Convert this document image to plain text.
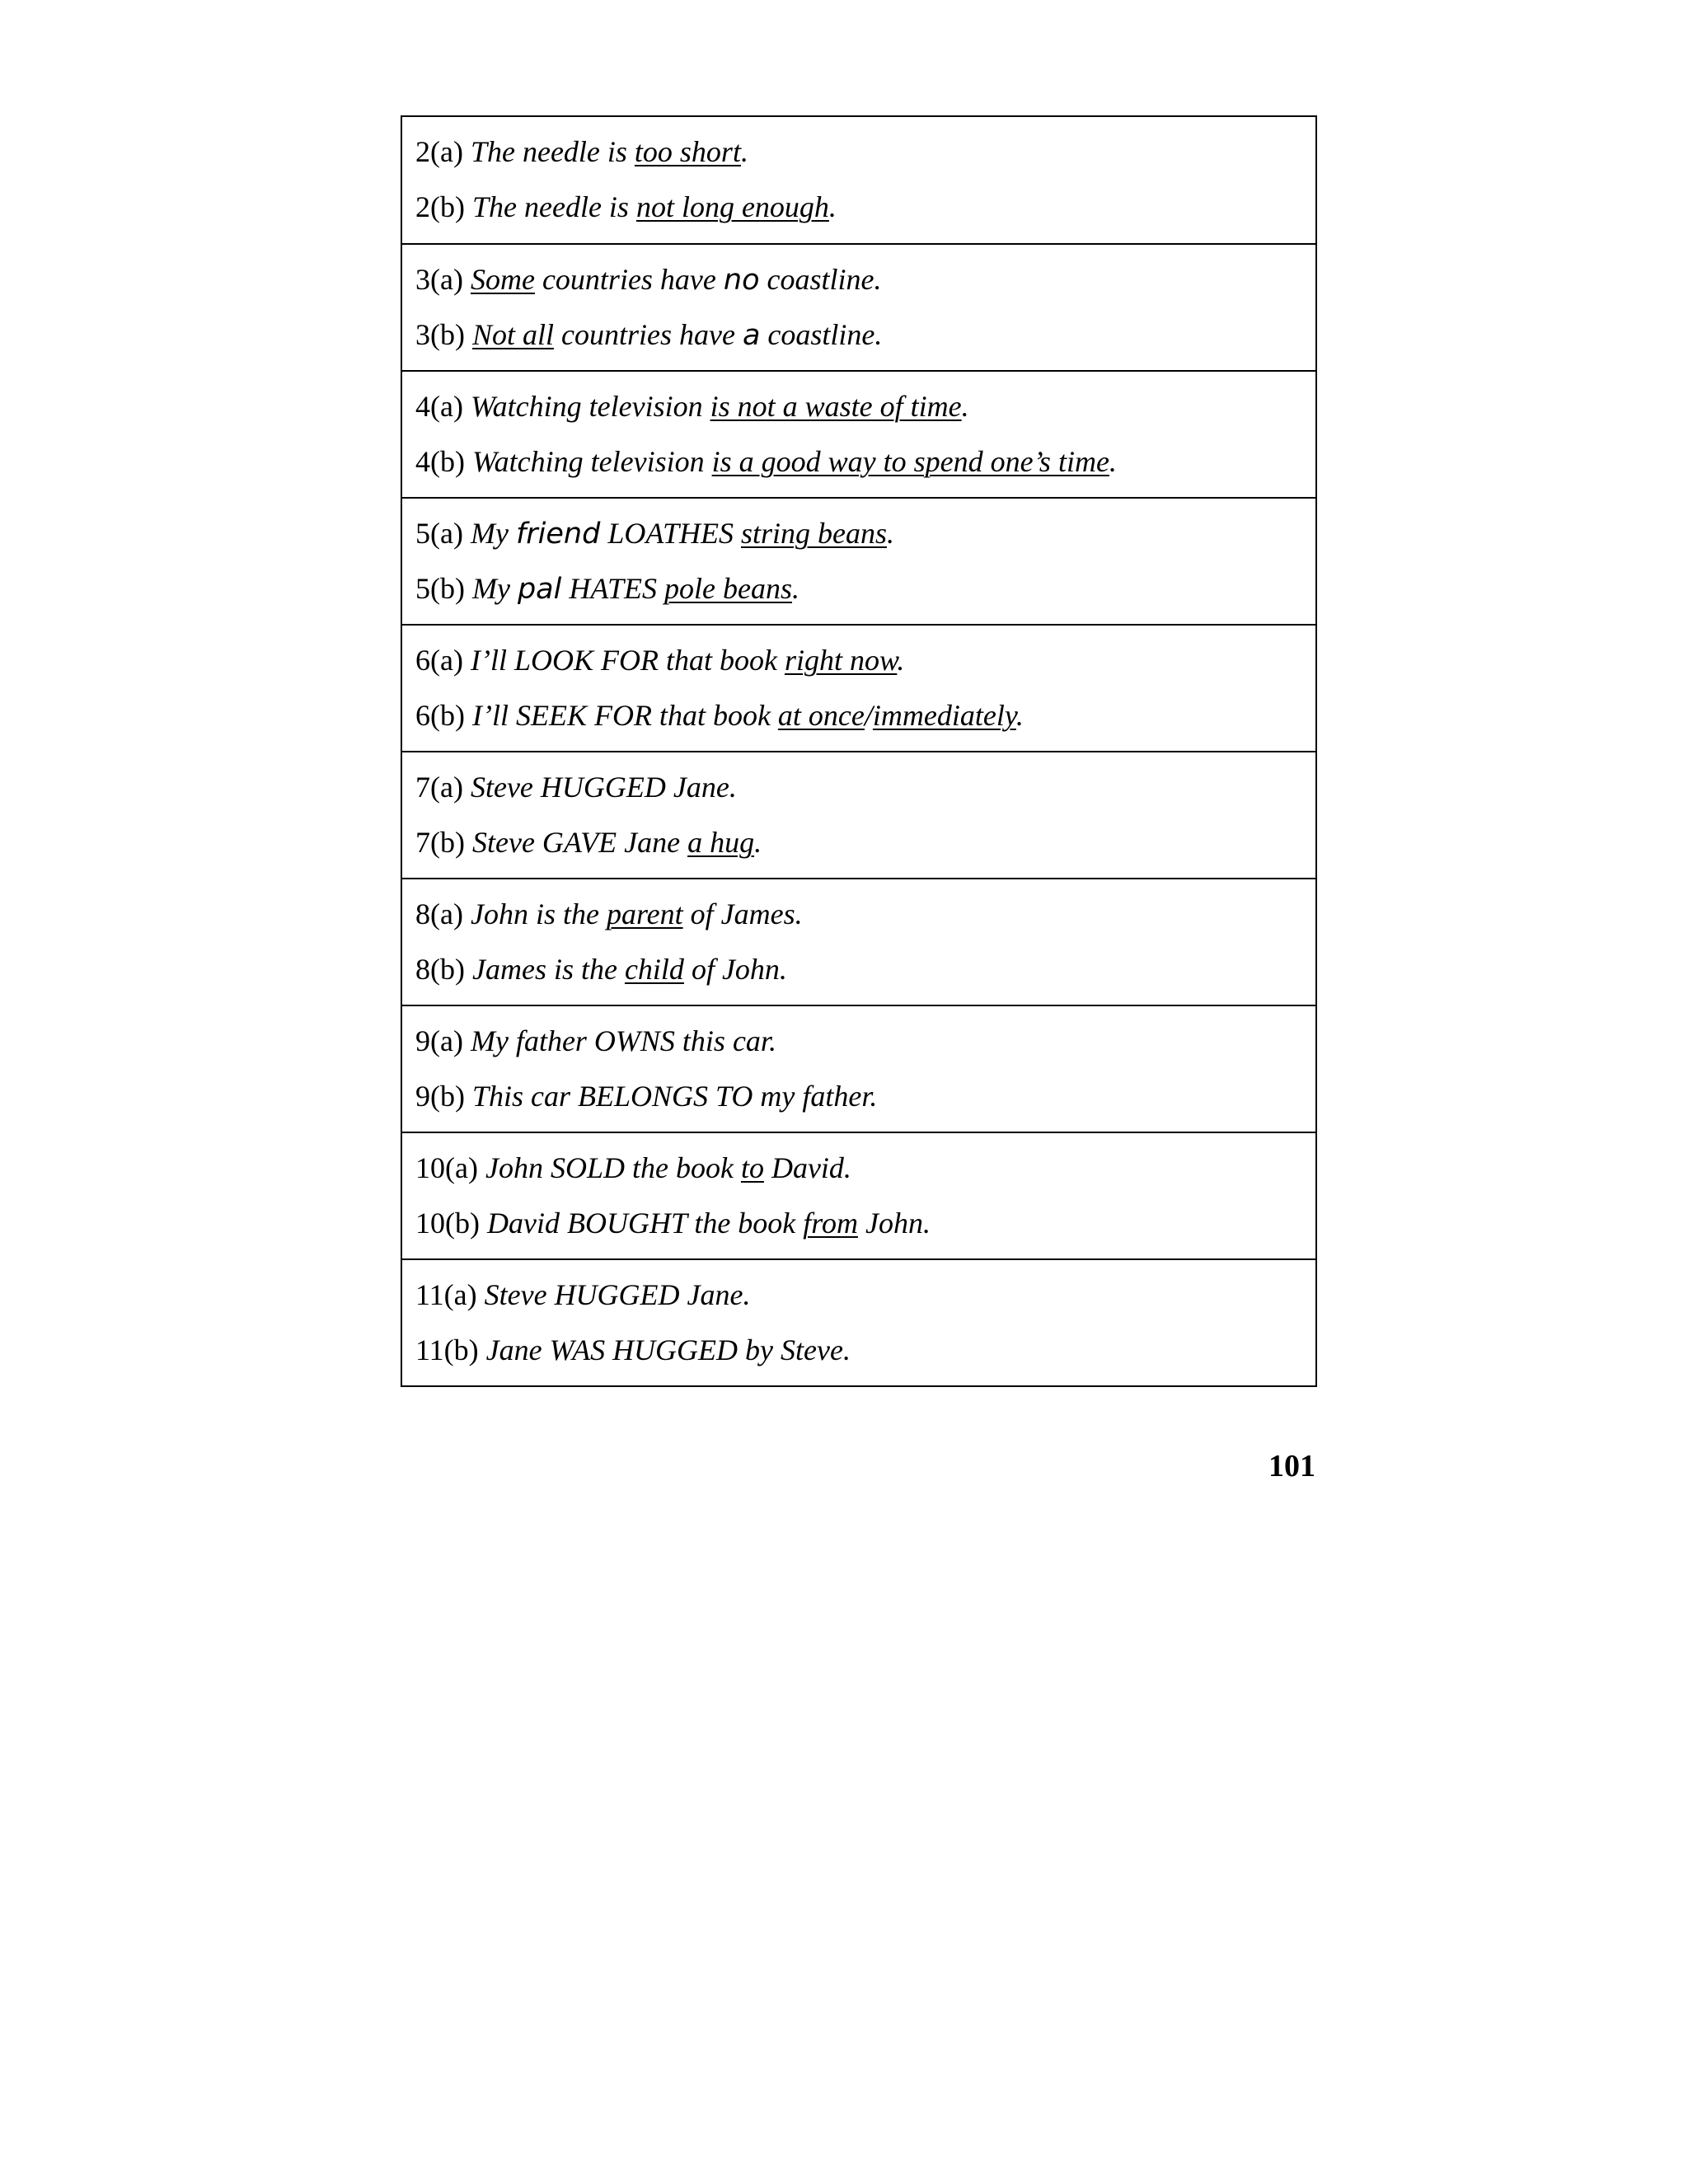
2(a) The needle is too short.
2(b) The needle is not long enough.
3(a) Some countries have no coastline.
3(b) Not all countries have a coastline.
4(a) Watching television is not a waste of time.
4(b) Watching television is a good way to spend one’s time.
5(a) My friend LOATHES string beans.
5(b) My pal HATES pole beans.
6(a) I’ll LOOK FOR that book right now.
6(b) I’ll SEEK FOR that book at once/immediately.
7(a) Steve HUGGED Jane.
7(b) Steve GAVE Jane a hug.
8(a) John is the parent of James.
8(b) James is the child of John.
9(a) My father OWNS this car.
9(b) This car BELONGS TO my father.
10(a) John SOLD the book to David.
10(b) David BOUGHT the book from John.
11(a) Steve HUGGED Jane.
11(b) Jane WAS HUGGED by Steve.
101
